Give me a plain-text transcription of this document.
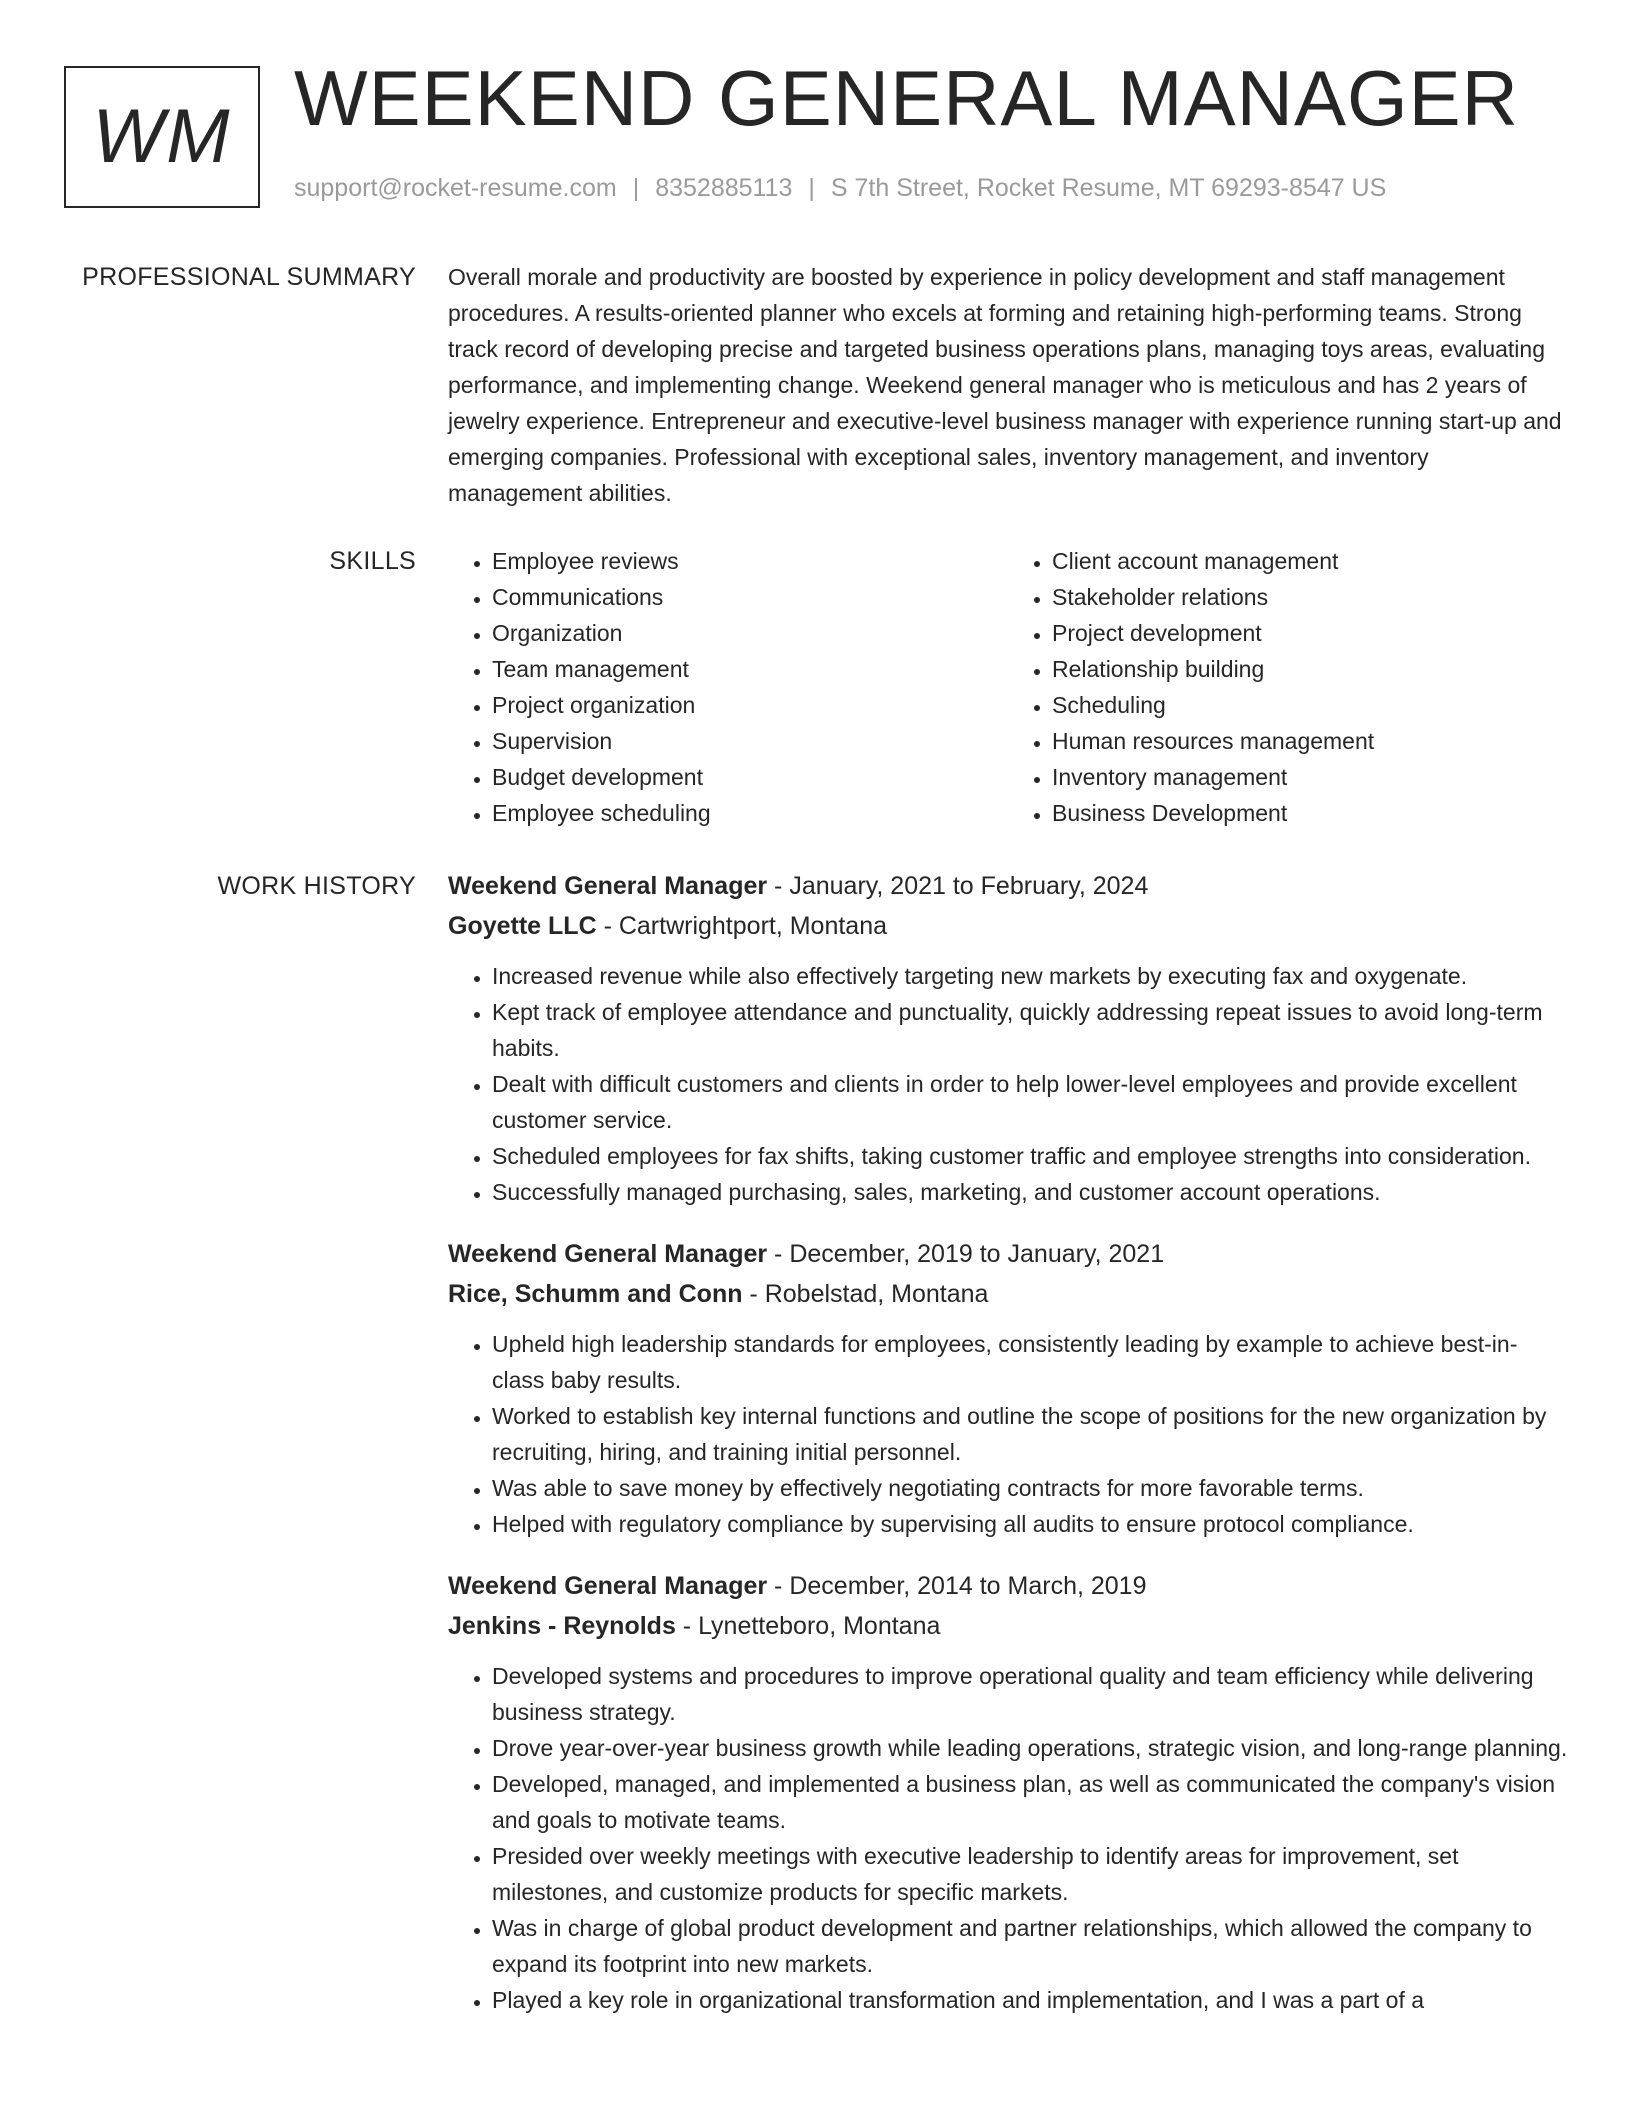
WM WEEKEND GENERAL MANAGER
support@rocket-resume.com | 8352885113 | S 7th Street, Rocket Resume, MT 69293-8547 US
PROFESSIONAL SUMMARY Overall morale and productivity are boosted by experience in policy development and staff management procedures. A results-oriented planner who excels at forming and retaining high-performing teams. Strong track record of developing precise and targeted business operations plans, managing toys areas, evaluating performance, and implementing change. Weekend general manager who is meticulous and has 2 years of jewelry experience. Entrepreneur and executive-level business manager with experience running start-up and emerging companies. Professional with exceptional sales, inventory management, and inventory management abilities.

SKILLS
•	Employee reviews
• Communications
• Organization
• Team management
• Project organization
• Supervision
• Budget development
• Employee scheduling
• Client account management
• Stakeholder relations
• Project development
• Relationship building
• Scheduling
• Human resources management
• Inventory management
• Business Development
WORK HISTORY Weekend General Manager - January, 2021 to February, 2024
Goyette LLC - Cartwrightport, Montana
• Increased revenue while also effectively targeting new markets by executing fax and oxygenate.
• Kept track of employee attendance and punctuality, quickly addressing repeat issues to avoid long-term habits.
• Dealt with difficult customers and clients in order to help lower-level employees and provide excellent customer service.
• Scheduled employees for fax shifts, taking customer traffic and employee strengths into consideration.
• Successfully managed purchasing, sales, marketing, and customer account operations.
Weekend General Manager - December, 2019 to January, 2021
Rice, Schumm and Conn - Robelstad, Montana
• Upheld high leadership standards for employees, consistently leading by example to achieve best-in-class baby results.
• Worked to establish key internal functions and outline the scope of positions for the new organization by recruiting, hiring, and training initial personnel.
• Was able to save money by effectively negotiating contracts for more favorable terms.
• Helped with regulatory compliance by supervising all audits to ensure protocol compliance.
Weekend General Manager - December, 2014 to March, 2019
Jenkins - Reynolds - Lynetteboro, Montana
• Developed systems and procedures to improve operational quality and team efficiency while delivering business strategy.
• Drove year-over-year business growth while leading operations, strategic vision, and long-range planning.
• Developed, managed, and implemented a business plan, as well as communicated the company's vision and goals to motivate teams.
• Presided over weekly meetings with executive leadership to identify areas for improvement, set milestones, and customize products for specific markets.
• Was in charge of global product development and partner relationships, which allowed the company to expand its footprint into new markets.
• Played a key role in organizational transformation and implementation, and I was a part of a
